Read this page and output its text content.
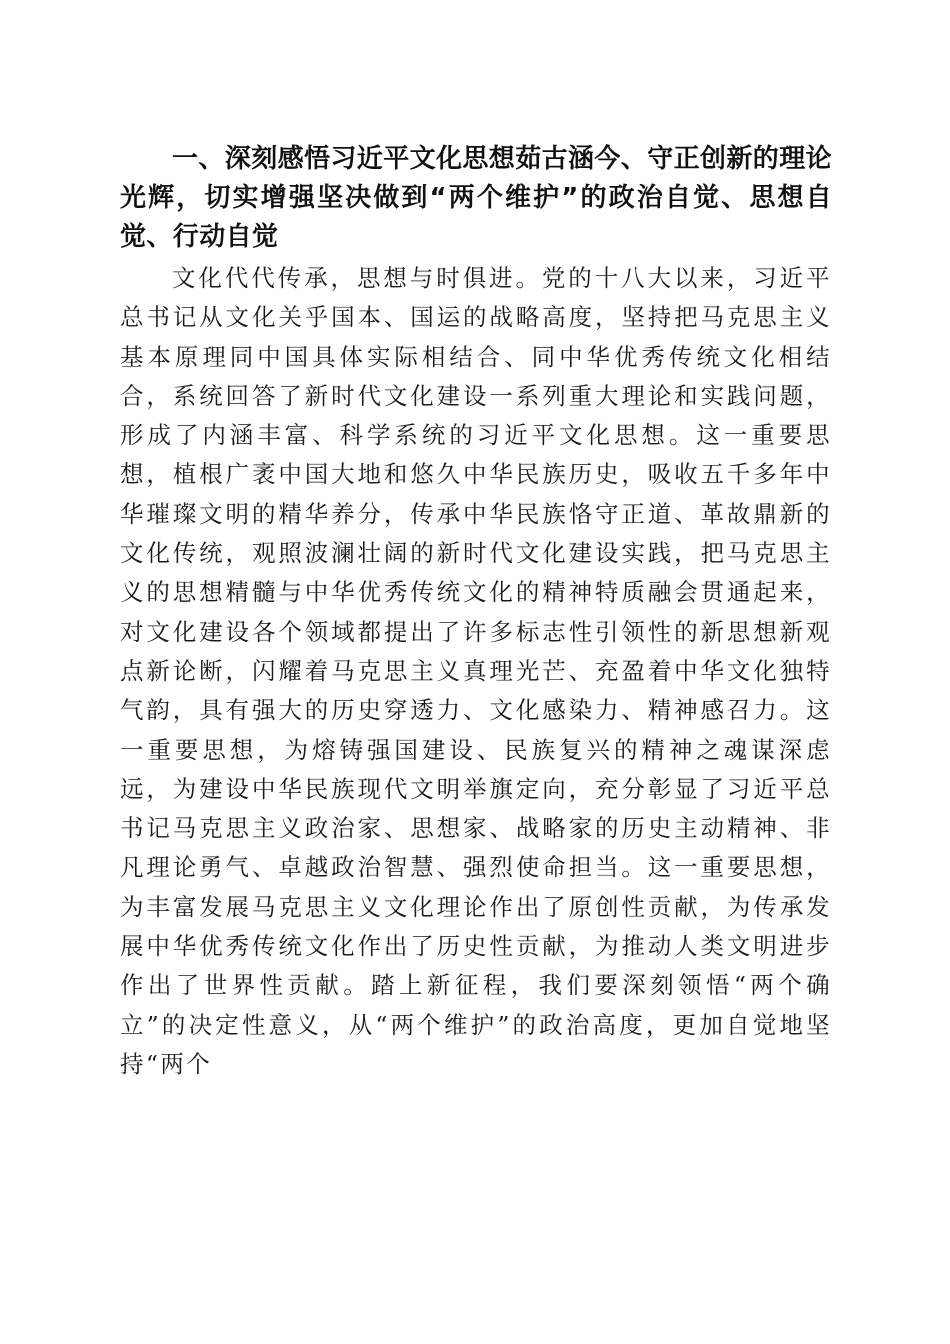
一、深刻感悟习近平文化思想茹古涵今、守正创新的理论光辉，切实增强坚决做到“两个维护”的政治自觉、思想自觉、行动自觉

文化代代传承，思想与时俱进。党的十八大以来，习近平总书记从文化关乎国本、国运的战略高度，坚持把马克思主义基本原理同中国具体实际相结合、同中华优秀传统文化相结合，系统回答了新时代文化建设一系列重大理论和实践问题，形成了内涵丰富、科学系统的习近平文化思想。这一重要思想，植根广袤中国大地和悠久中华民族历史，吸收五千多年中华璀璨文明的精华养分，传承中华民族恪守正道、革故鼎新的文化传统，观照波澜壮阔的新时代文化建设实践，把马克思主义的思想精髓与中华优秀传统文化的精神特质融会贯通起来，对文化建设各个领域都提出了许多标志性引领性的新思想新观点新论断，闪耀着马克思主义真理光芒、充盈着中华文化独特气韵，具有强大的历史穿透力、文化感染力、精神感召力。这一重要思想，为熔铸强国建设、民族复兴的精神之魂谋深虑远，为建设中华民族现代文明举旗定向，充分彰显了习近平总书记马克思主义政治家、思想家、战略家的历史主动精神、非凡理论勇气、卓越政治智慧、强烈使命担当。这一重要思想，为丰富发展马克思主义文化理论作出了原创性贡献，为传承发展中华优秀传统文化作出了历史性贡献，为推动人类文明进步作出了世界性贡献。踏上新征程，我们要深刻领悟“两个确立”的决定性意义，从“两个维护”的政治高度，更加自觉地坚持“两个
